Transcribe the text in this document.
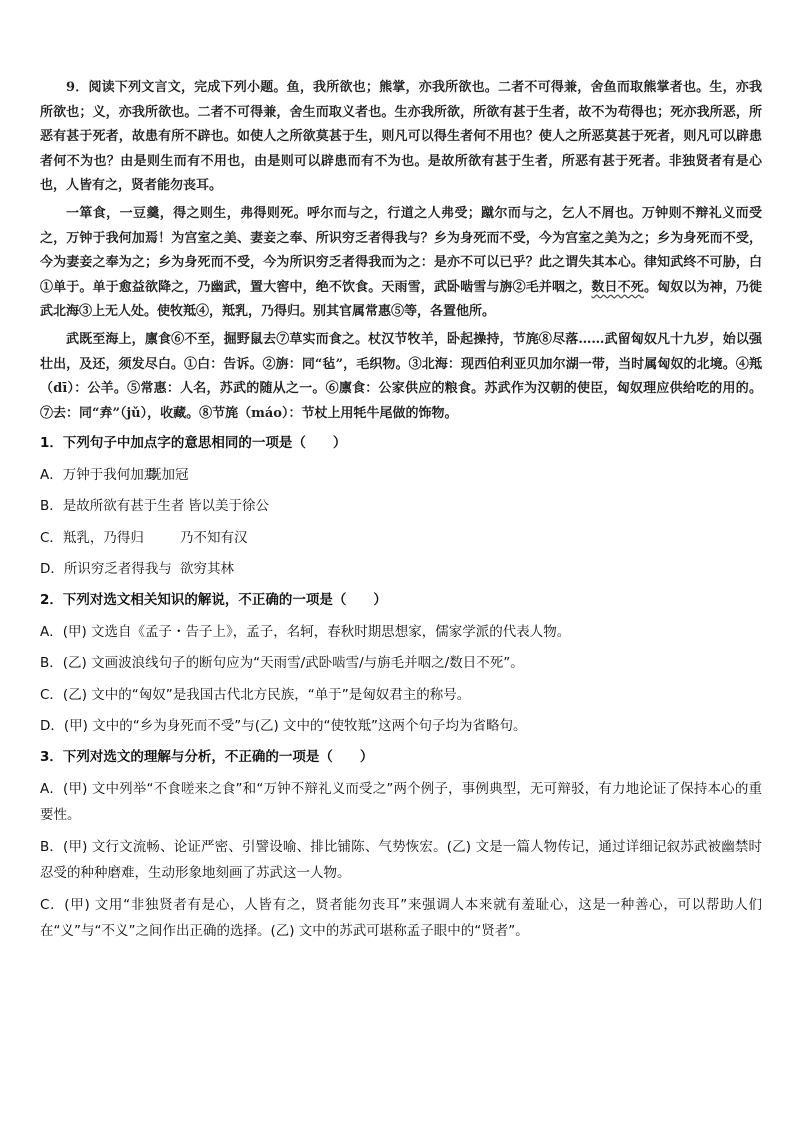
9．阅读下列文言文，完成下列小题。鱼，我所欲也；熊掌，亦我所欲也。二者不可得兼，舍鱼而取熊掌者也。生，亦我所欲也；义，亦我所欲也。二者不可得兼，舍生而取义者也。生亦我所欲，所欲有甚于生者，故不为苟得也；死亦我所恶，所恶有甚于死者，故患有所不辟也。如使人之所欲莫甚于生，则凡可以得生者何不用也？使人之所恶莫甚于死者，则凡可以辟患者何不为也？由是则生而有不用也，由是则可以辟患而有不为也。是故所欲有甚于生者，所恶有甚于死者。非独贤者有是心也，人皆有之，贤者能勿丧耳。

一箪食，一豆羹，得之则生，弗得则死。呼尔而与之，行道之人弗受；蹴尔而与之，乞人不屑也。万钟则不辩礼义而受之，万钟于我何加焉！为宫室之美、妻妾之奉、所识穷乏者得我与？乡为身死而不受，今为宫室之美为之；乡为身死而不受，今为妻妾之奉为之；乡为身死而不受，今为所识穷乏者得我而为之：是亦不可以已乎？此之谓失其本心。律知武终不可胁，白①单于。单于愈益欲降之，乃幽武，置大窖中，绝不饮食。天雨雪，武卧啮雪与旃②毛并咽之，数日不死。匈奴以为神，乃徙武北海③上无人处。使牧羝④，羝乳，乃得归。别其官属常惠⑤等，各置他所。

武既至海上，廪食⑥不至，掘野鼠去⑦草实而食之。杖汉节牧羊，卧起操持，节旄⑧尽落……武留匈奴凡十九岁，始以强壮出，及还，须发尽白。①白：告诉。②旃：同“毡”，毛织物。③北海：现西伯利亚贝加尔湖一带，当时属匈奴的北境。④羝（dī）：公羊。⑤常惠：人名，苏武的随从之一。⑥廪食：公家供应的粮食。苏武作为汉朝的使臣，匈奴理应供给吃的用的。⑦去：同“弆”（jǔ），收藏。⑧节旄（máo）：节杖上用牦牛尾做的饰物。

1．下列句子中加点字的意思相同的一项是（　　）

A．万钟于我何加焉既加冠

B．是故所欲有甚于生者 皆以美于徐公

C．羝乳，乃得归	乃不知有汉

D．所识穷乏者得我与 欲穷其林

2．下列对选文相关知识的解说，不正确的一项是（　　）

A．(甲) 文选自《孟子・告子上》，孟子，名轲，春秋时期思想家，儒家学派的代表人物。

B．(乙) 文画波浪线句子的断句应为“天雨雪/武卧啮雪/与旃毛并咽之/数日不死”。

C．(乙) 文中的“匈奴”是我国古代北方民族，“单于”是匈奴君主的称号。

D．(甲) 文中的“乡为身死而不受”与(乙) 文中的“使牧羝”这两个句子均为省略句。

3．下列对选文的理解与分析，不正确的一项是（　　）

A．(甲) 文中列举“不食嗟来之食”和“万钟不辩礼义而受之”两个例子，事例典型，无可辩驳，有力地论证了保持本心的重要性。

B．(甲) 文行文流畅、论证严密、引譬设喻、排比铺陈、气势恢宏。(乙) 文是一篇人物传记，通过详细记叙苏武被幽禁时忍受的种种磨难，生动形象地刻画了苏武这一人物。

C．(甲) 文用“非独贤者有是心，人皆有之，贤者能勿丧耳”来强调人本来就有羞耻心，这是一种善心，可以帮助人们在“义”与“不义”之间作出正确的选择。(乙) 文中的苏武可堪称孟子眼中的“贤者”。
